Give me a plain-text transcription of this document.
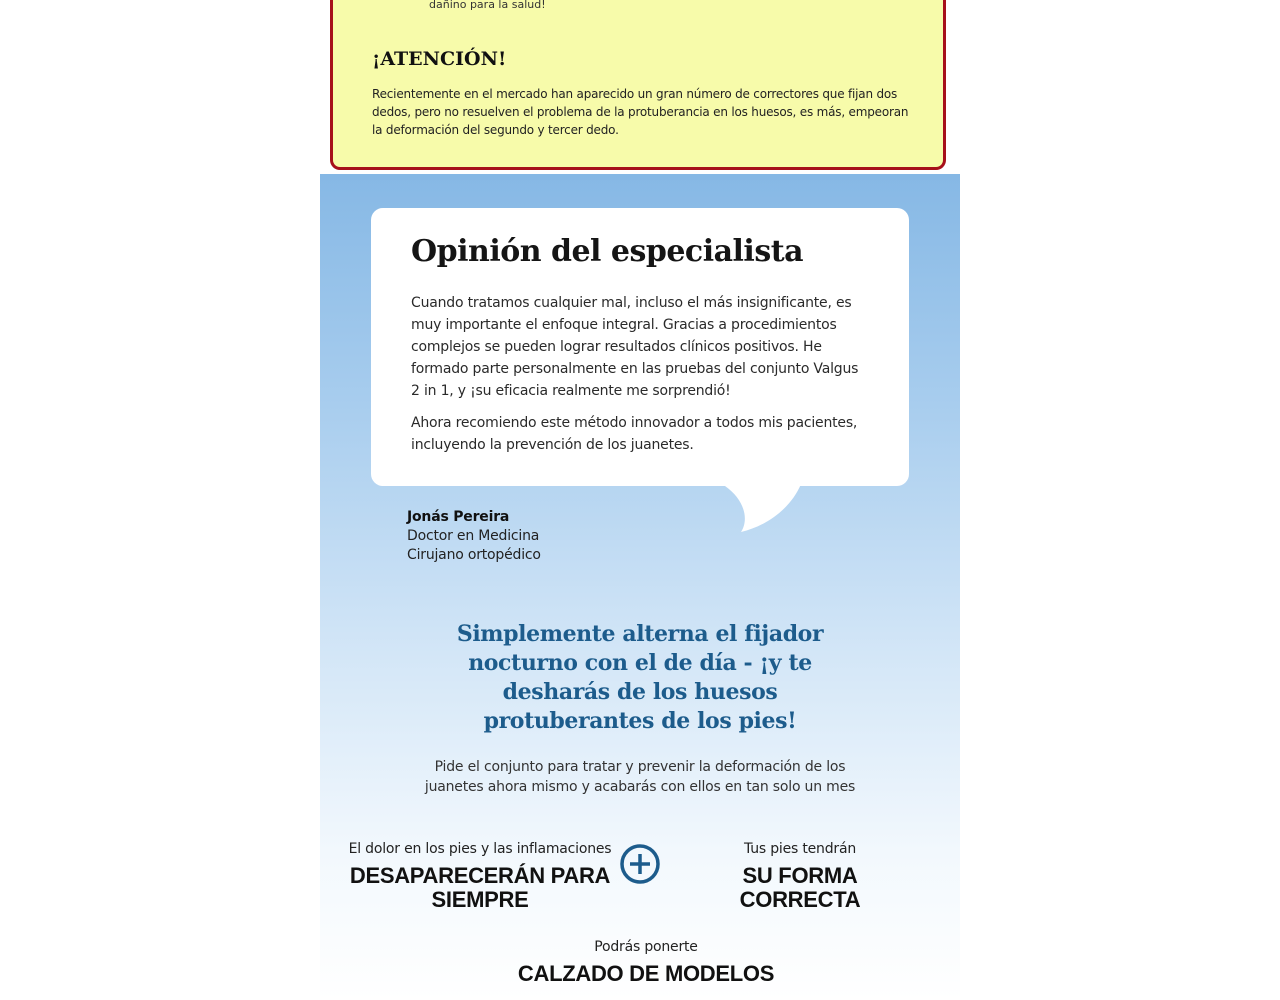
dañino para la salud!
¡ATENCIÓN!

Recientemente en el mercado han aparecido un gran número de correctores que fijan dos dedos, pero no resuelven el problema de la protuberancia en los huesos, es más, empeoran la deformación del segundo y tercer dedo.

Opinión del especialista

Cuando tratamos cualquier mal, incluso el más insignificante, es muy importante el enfoque integral. Gracias a procedimientos complejos se pueden lograr resultados clínicos positivos. He formado parte personalmente en las pruebas del conjunto Valgus 2 in 1, y ¡su eficacia realmente me sorprendió!

Ahora recomiendo este método innovador a todos mis pacientes, incluyendo la prevención de los juanetes.

Jonás Pereira
Doctor en Medicina
Cirujano ortopédico
Simplemente alterna el fijador nocturno con el de día - ¡y te desharás de los huesos protuberantes de los pies!

Pide el conjunto para tratar y prevenir la deformación de los juanetes ahora mismo y acabarás con ellos en tan solo un mes

El dolor en los pies y las inflamaciones
DESAPARECERÁN PARA SIEMPRE
Tus pies tendrán
SU FORMA CORRECTA
Podrás ponerte
CALZADO DE MODELOS
